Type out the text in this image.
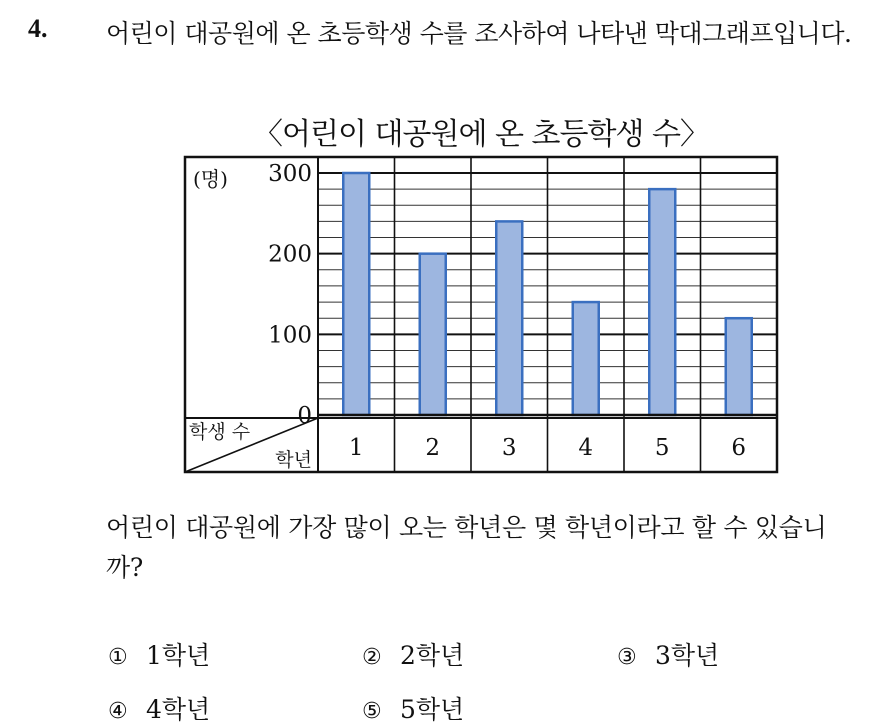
4. 어린이 대공원에 온 초등학생 수를 조사하여 나타낸 막대그래프입니다.
〈어린이 대공원에 온 초등학생 수〉
(명)
0
100
200
300
학생 수
학년 1	2	3	4	5	6
어린이 대공원에 가장 많이 오는 학년은 몇 학년이라고 할 수 있습니
까?
① 1학년	② 2학년	③ 3학년
④ 4학년	⑤ 5학년
